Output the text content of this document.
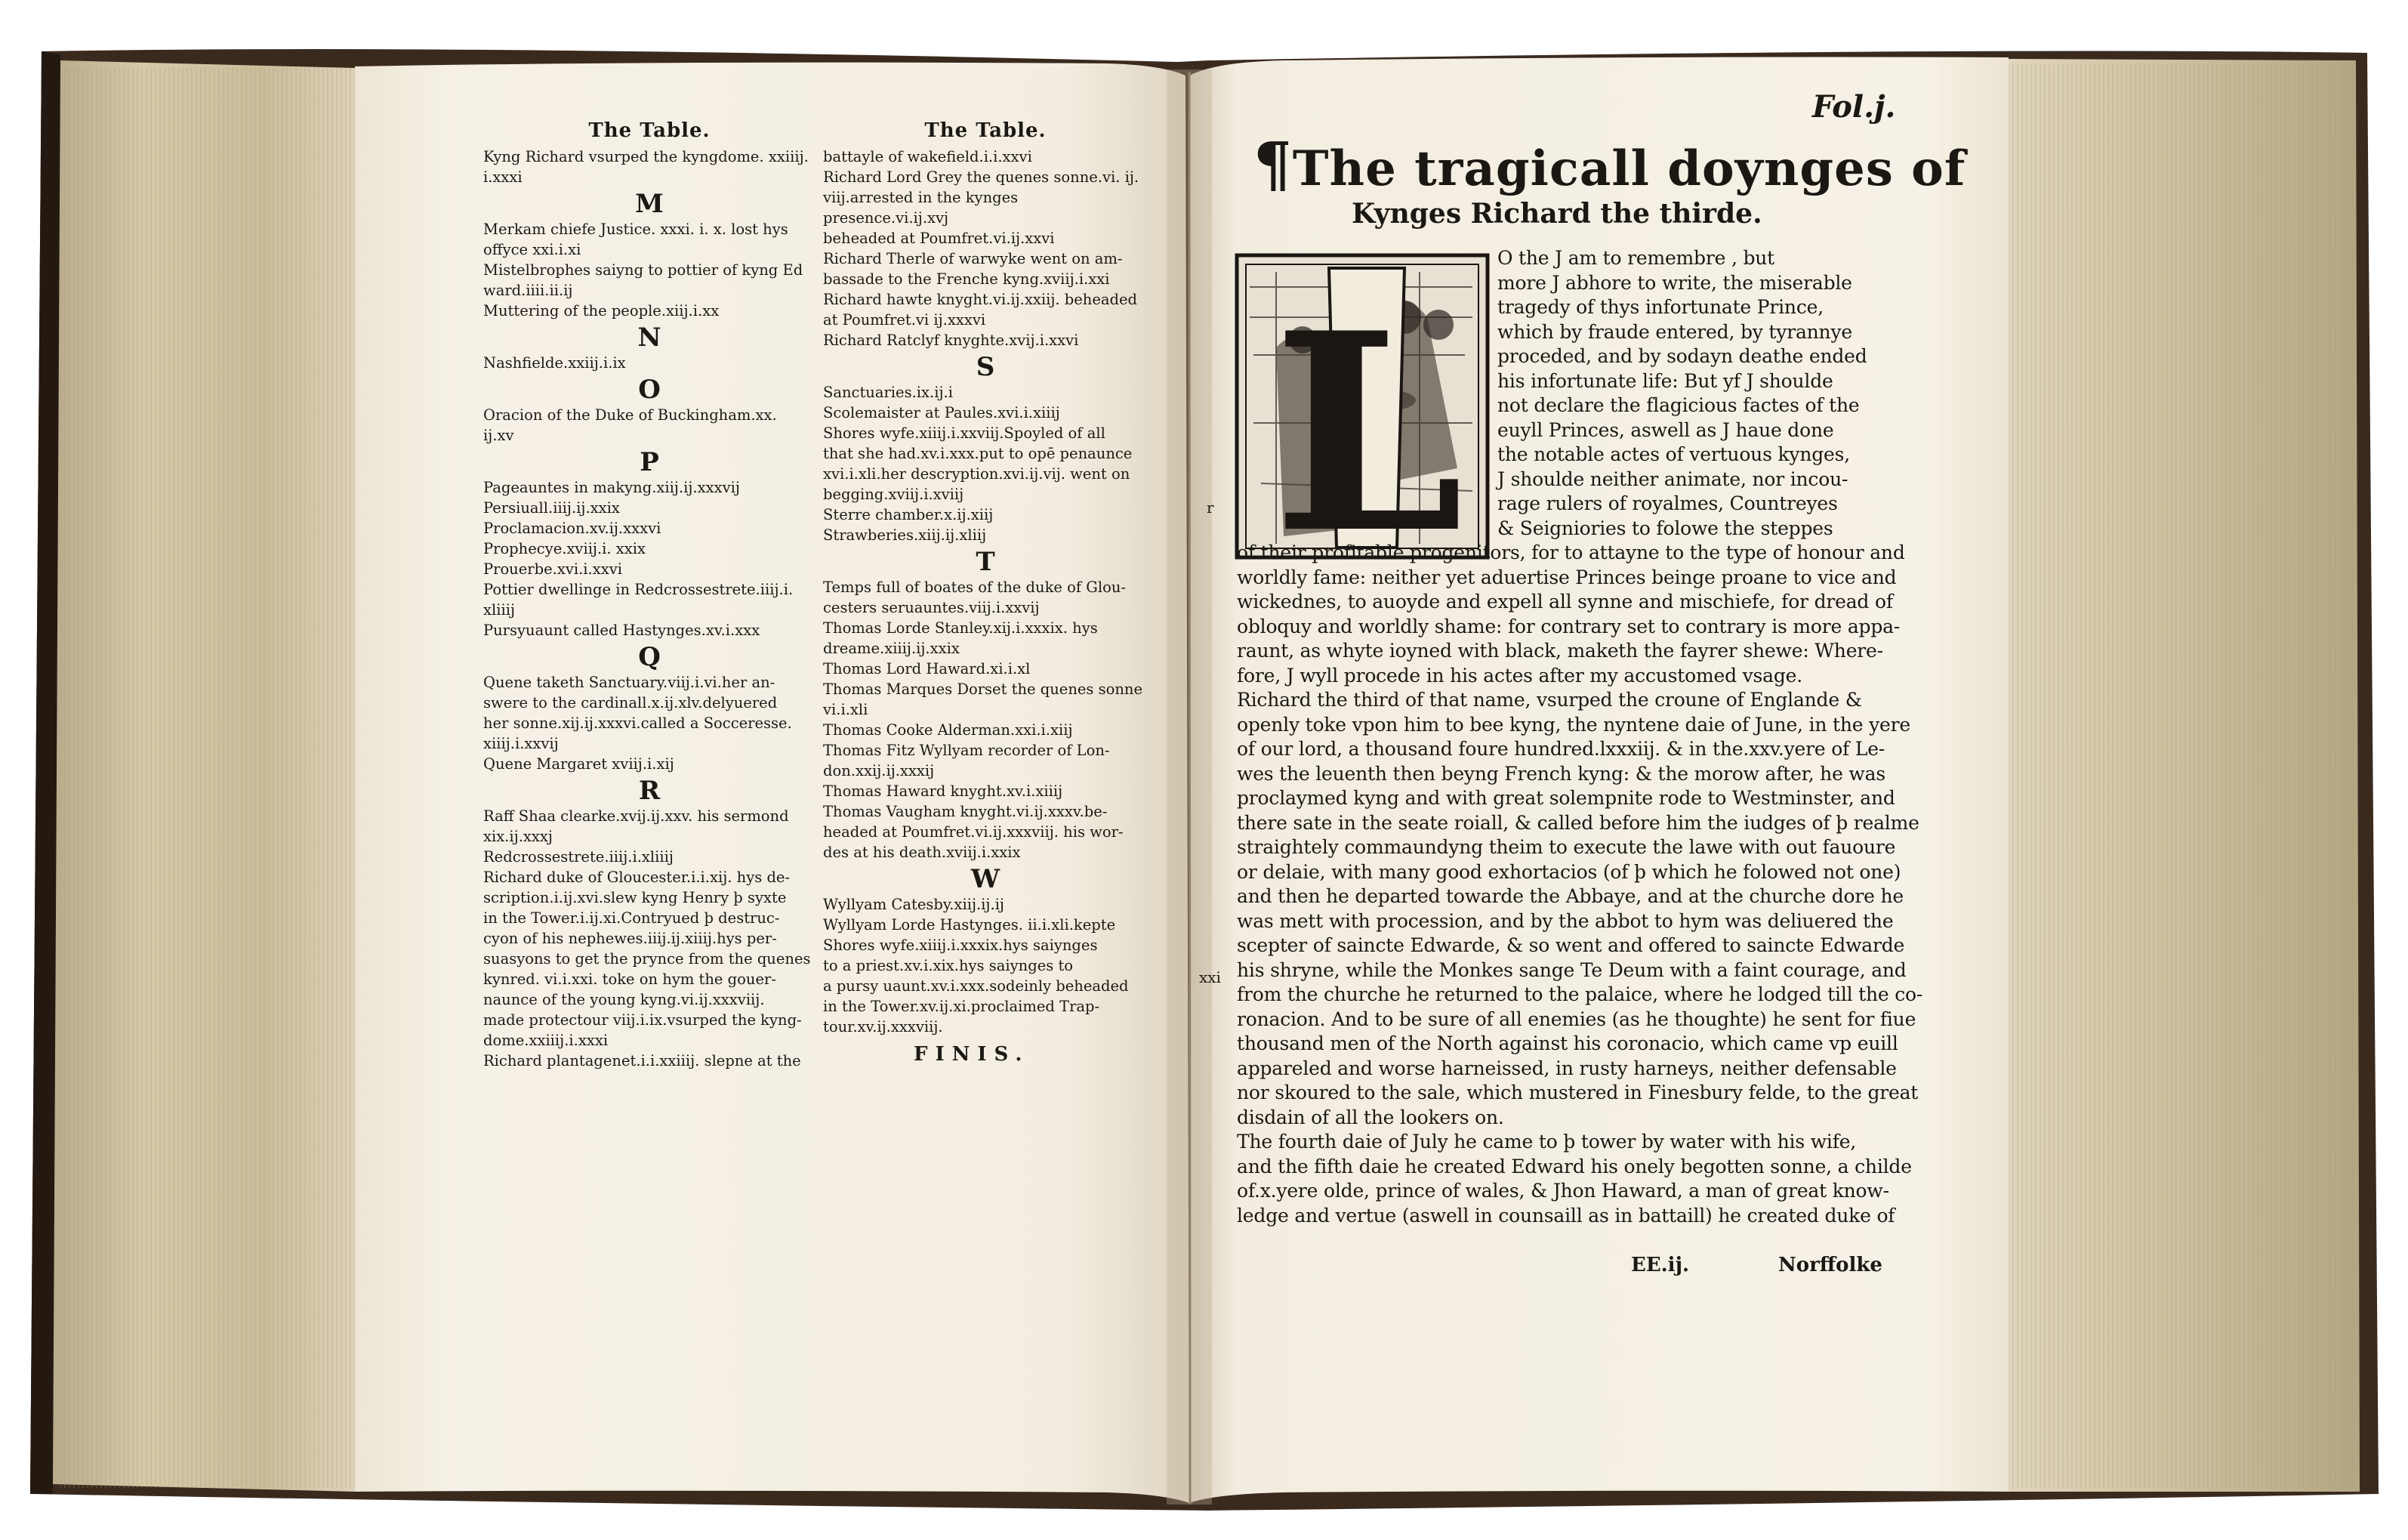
L
The Table.
Kyng Richard vsurped the kyngdome. xxiiij.
i.xxxi
M
Merkam chiefe Justice. xxxi. i. x. lost hys
offyce xxi.i.xi
Mistelbrophes saiyng to pottier of kyng Ed
ward.iiii.ii.ij
Muttering of the people.xiij.i.xx
N
Nashfielde.xxiij.i.ix
O
Oracion of the Duke of Buckingham.xx.
ij.xv
P
Pageauntes in makyng.xiij.ij.xxxvij
Persiuall.iiij.ij.xxix
Proclamacion.xv.ij.xxxvi
Prophecye.xviij.i. xxix
Prouerbe.xvi.i.xxvi
Pottier dwellinge in Redcrossestrete.iiij.i.
xliiij
Pursyuaunt called Hastynges.xv.i.xxx
Q
Quene taketh Sanctuary.viij.i.vi.her an-
swere to the cardinall.x.ij.xlv.delyuered
her sonne.xij.ij.xxxvi.called a Socceresse.
xiiij.i.xxvij
Quene Margaret xviij.i.xij
R
Raff Shaa clearke.xvij.ij.xxv. his sermond
xix.ij.xxxj
Redcrossestrete.iiij.i.xliiij
Richard duke of Gloucester.i.i.xij. hys de-
scription.i.ij.xvi.slew kyng Henry þ syxte
in the Tower.i.ij.xi.Contryued þ destruc-
cyon of his nephewes.iiij.ij.xiiij.hys per-
suasyons to get the pryncе from the quenes
kynred. vi.i.xxi. toke on hym the gouer-
naunce of the young kyng.vi.ij.xxxviij.
made protectour viij.i.ix.vsurped the kyng-
dome.xxiiij.i.xxxi
Richard plantagenet.i.i.xxiiij. slepne at the
The Table.
battayle of wakefield.i.i.xxvi
Richard Lord Grey the quenes sonne.vi. ij.
viij.arrested in the kynges presence.vi.ij.xvj
beheaded at Poumfret.vi.ij.xxvi
Richard Therle of warwyke went on am-
bassade to the Frenche kyng.xviij.i.xxi
Richard hawte knyght.vi.ij.xxiij. beheaded
at Poumfret.vi ij.xxxvi
Richard Ratclyf knyghte.xvij.i.xxvi
S
Sanctuaries.ix.ij.i
Scolemaister at Paules.xvi.i.xiiij
Shores wyfe.xiiij.i.xxviij.Spoyled of all
that she had.xv.i.xxx.put to opē penaunce
xvi.i.xli.her descryption.xvi.ij.vij. went on
begging.xviij.i.xviij
Sterre chamber.x.ij.xiij
Strawberies.xiij.ij.xliij
T
Temps full of boates of the duke of Glou-
cesters seruauntes.viij.i.xxvij
Thomas Lorde Stanley.xij.i.xxxix. hys
dreame.xiiij.ij.xxix
Thomas Lord Haward.xi.i.xl
Thomas Marques Dorset the quenes sonne
vi.i.xli
Thomas Cooke Alderman.xxi.i.xiij
Thomas Fitz Wyllyam recorder of Lon-
don.xxij.ij.xxxij
Thomas Haward knyght.xv.i.xiiij
Thomas Vaugham knyght.vi.ij.xxxv.be-
headed at Poumfret.vi.ij.xxxviij. his wor-
des at his death.xviij.i.xxix
W
Wyllyam Catesby.xiij.ij.ij
Wyllyam Lorde Hastynges. ii.i.xli.kepte
Shores wyfe.xiiij.i.xxxix.hys saiynges
to a priest.xv.i.xix.hys saiynges to
a pursy uaunt.xv.i.xxx.sodeinly beheaded
in the Tower.xv.ij.xi.proclaimed Trap-
tour.xv.ij.xxxviij.
FINIS.
Fol.j.
¶The tragicall doynges of
Kynges Richard the thirde.
r
O the J am to remembre , but
more J abhore to write, the miserable
tragedy of thys infortunate Prince,
which by fraude entered, by tyrannye
proceded, and by sodayn deathe ended
his infortunate life: But yf J shoulde
not declare the flagicious factes of the
euyll Princes, aswell as J haue done
the notable actes of vertuous kynges,
J shoulde neither animate, nor incou-
rage rulers of royalmes, Countreyes
& Seigniories to folowe the steppes
of their profitable progenitors, for to attayne to the type of honour and
worldly fame: neither yet aduertise Princes beinge proane to vice and
wickednes, to auoyde and expell all synne and mischiefe, for dread of
obloquy and worldly shame: for contrary set to contrary is more appa-
raunt, as whyte ioyned with black, maketh the fayrer shewe: Where-
fore, J wyll procede in his actes after my accustomed vsage.
Richard the third of that name, vsurped the croune of Englande &
openly toke vpon him to bee kyng, the nyntene daie of June, in the yere
of our lord, a thousand foure hundred.lxxxiij. & in the.xxv.yere of Le-
wes the leuenth then beyng French kyng: & the morow after, he was
proclaymed kyng and with great solempnite rode to Westminster, and
there sate in the seate roiall, & called before him the iudges of þ realme
straightely commaundyng theim to execute the lawe with out fauoure
or delaie, with many good exhortacios (of þ which he folowed not one)
and then he departed towarde the Abbaye, and at the churche dore he
was mett with procession, and by the abbot to hym was deliuered the
scepter of saincte Edwarde, & so went and offered to saincte Edwarde
his shryne, while the Monkes sange Te Deum with a faint courage, and
from the churche he returned to the palaice, where he lodged till the co-
ronacion. And to be sure of all enemies (as he thoughte) he sent for fiue
thousand men of the North against his coronacio, which came vp euill
appareled and worse harneissed, in rusty harneys, neither defensable
nor skoured to the sale, which mustered in Finesbury felde, to the great
disdain of all the lookers on.
The fourth daie of July he came to þ tower by water with his wife,
and the fifth daie he created Edward his onely begotten sonne, a childe
of.x.yere olde, prince of wales, & Jhon Haward, a man of great know-
ledge and vertue (aswell in counsaill as in battaill) he created duke of
xxi
EE.ij.	Norffolke
